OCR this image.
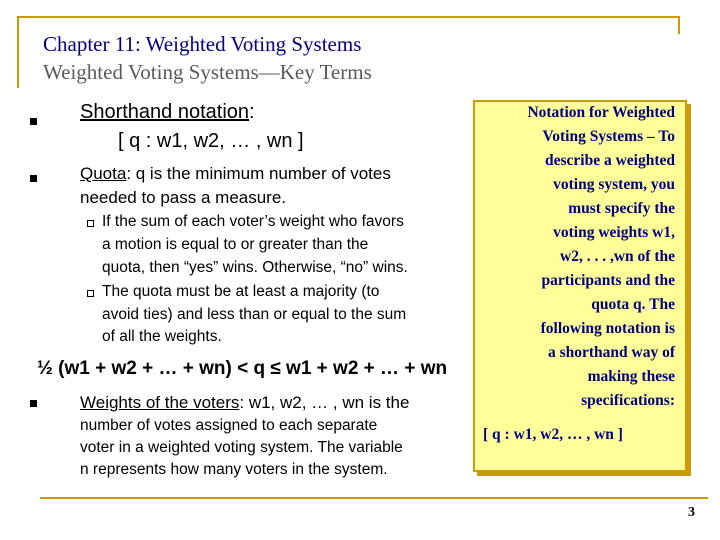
Chapter 11: Weighted Voting Systems
Weighted Voting Systems—Key Terms
Shorthand notation:
[ q : w1, w2, … , wn ]
Quota: q is the minimum number of votes
needed to pass a measure.
If the sum of each voter’s weight who favors
a motion is equal to or greater than the
quota, then “yes” wins. Otherwise, “no” wins.
The quota must be at least a majority (to
avoid ties) and less than or equal to the sum
of all the weights.
½ (w1 + w2 + … + wn) < q ≤ w1 + w2 + … + wn
Weights of the voters: w1, w2, … , wn is the
number of votes assigned to each separate
voter in a weighted voting system. The variable
n represents how many voters in the system.
Notation for Weighted
Voting Systems – To
describe a weighted
voting system, you
must specify the
voting weights w1,
w2, . . . ,wn of the
participants and the
quota q. The
following notation is
a shorthand way of
making these
specifications:
[ q : w1, w2, … , wn ]
3
